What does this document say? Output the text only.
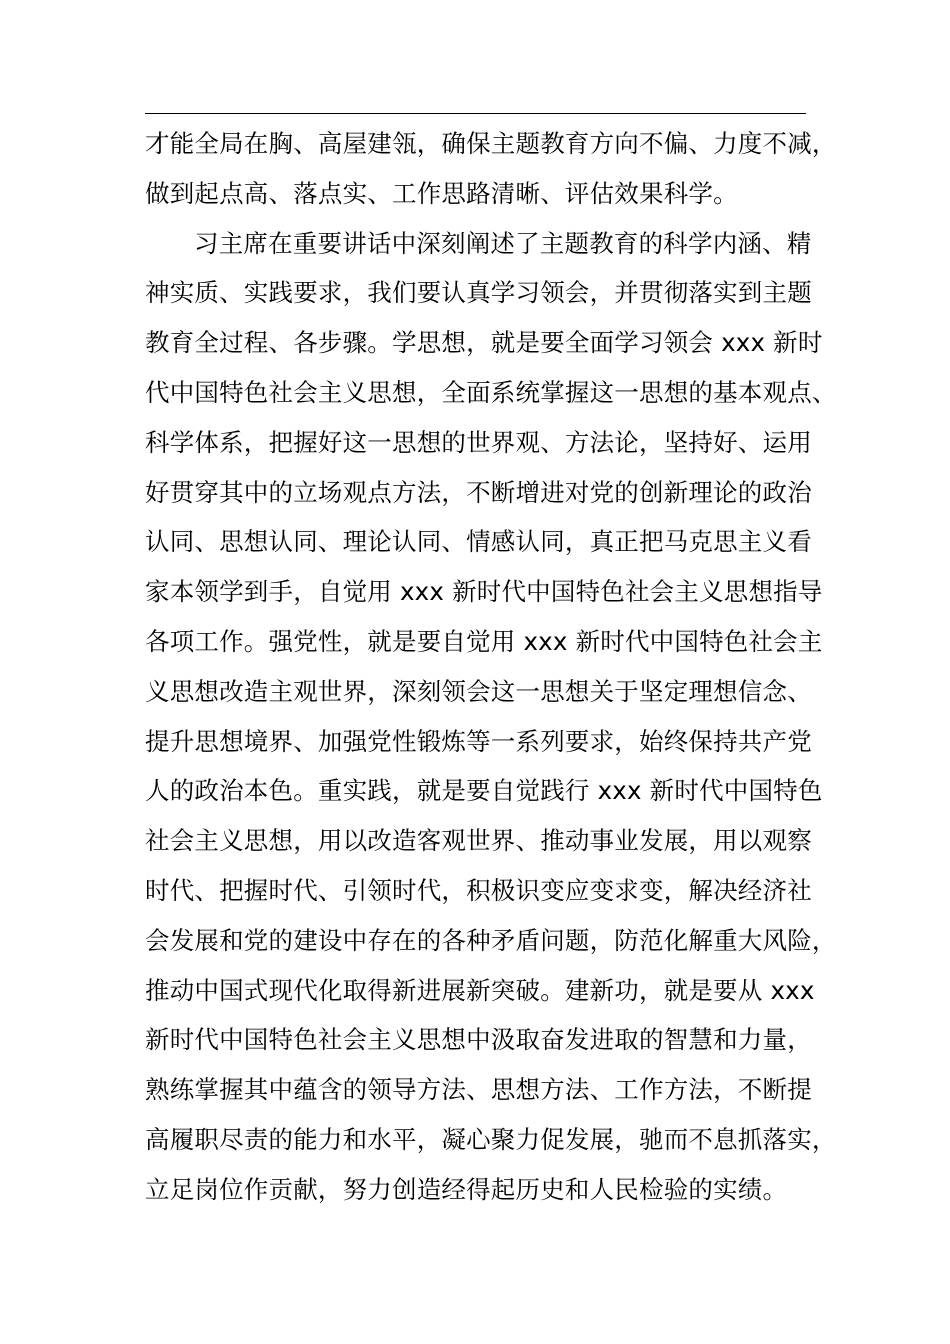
才能全局在胸、高屋建瓴，确保主题教育方向不偏、力度不减，
做到起点高、落点实、工作思路清晰、评估效果科学。
习主席在重要讲话中深刻阐述了主题教育的科学内涵、精
神实质、实践要求，我们要认真学习领会，并贯彻落实到主题
教育全过程、各步骤。学思想，就是要全面学习领会 xxx 新时
代中国特色社会主义思想，全面系统掌握这一思想的基本观点、
科学体系，把握好这一思想的世界观、方法论，坚持好、运用
好贯穿其中的立场观点方法，不断增进对党的创新理论的政治
认同、思想认同、理论认同、情感认同，真正把马克思主义看
家本领学到手，自觉用 xxx 新时代中国特色社会主义思想指导
各项工作。强党性，就是要自觉用 xxx 新时代中国特色社会主
义思想改造主观世界，深刻领会这一思想关于坚定理想信念、
提升思想境界、加强党性锻炼等一系列要求，始终保持共产党
人的政治本色。重实践，就是要自觉践行 xxx 新时代中国特色
社会主义思想，用以改造客观世界、推动事业发展，用以观察
时代、把握时代、引领时代，积极识变应变求变，解决经济社
会发展和党的建设中存在的各种矛盾问题，防范化解重大风险，
推动中国式现代化取得新进展新突破。建新功，就是要从 xxx
新时代中国特色社会主义思想中汲取奋发进取的智慧和力量，
熟练掌握其中蕴含的领导方法、思想方法、工作方法，不断提
高履职尽责的能力和水平，凝心聚力促发展，驰而不息抓落实，
立足岗位作贡献，努力创造经得起历史和人民检验的实绩。
